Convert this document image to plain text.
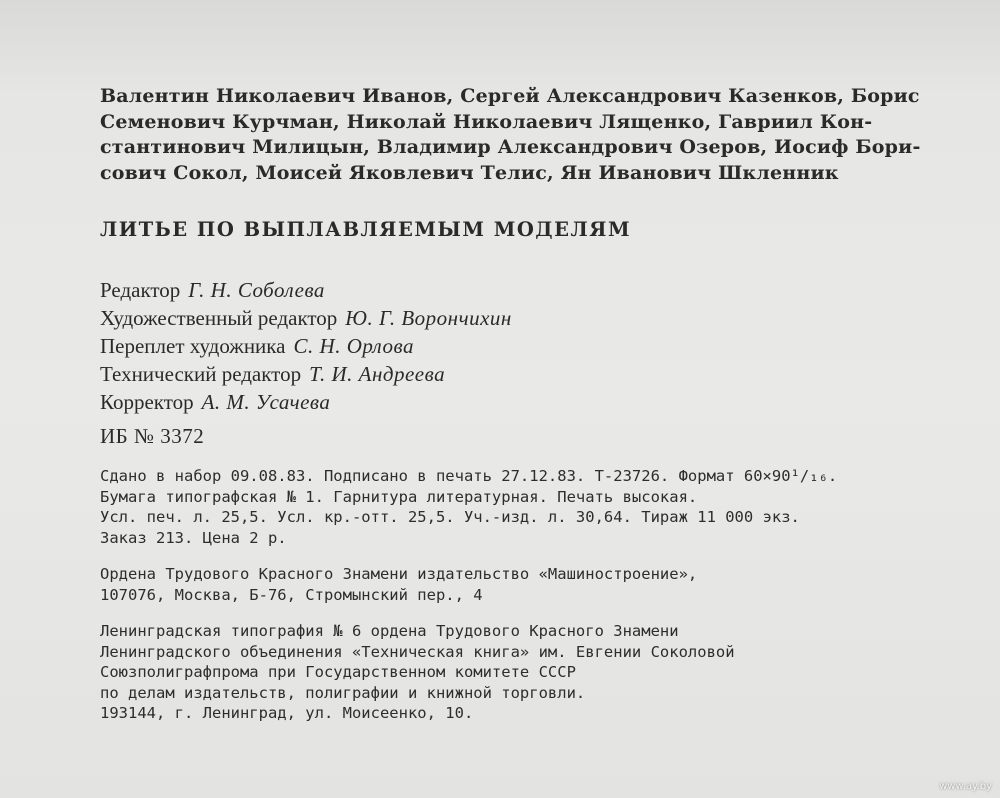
Валентин Николаевич Иванов, Сергей Александрович Казенков, Борис
Семенович Курчман, Николай Николаевич Лященко, Гавриил Кон-
стантинович Милицын, Владимир Александрович Озеров, Иосиф Бори-
сович Сокол, Моисей Яковлевич Телис, Ян Иванович Шкленник

ЛИТЬЕ ПО ВЫПЛАВЛЯЕМЫМ МОДЕЛЯМ
Редактор Г. Н. Соболева
Художественный редактор Ю. Г. Ворончихин
Переплет художника С. Н. Орлова
Технический редактор Т. И. Андреева
Корректор А. М. Усачева
ИБ № 3372
Сдано в набор 09.08.83. Подписано в печать 27.12.83. Т-23726. Формат 60×90¹/₁₆.
Бумага типографская № 1. Гарнитура литературная. Печать высокая.
Усл. печ. л. 25,5. Усл. кр.-отт. 25,5. Уч.-изд. л. 30,64. Тираж 11 000 экз.
Заказ 213. Цена 2 р.
Ордена Трудового Красного Знамени издательство «Машиностроение»,
107076, Москва, Б-76, Стромынский пер., 4
Ленинградская типография № 6 ордена Трудового Красного Знамени
Ленинградского объединения «Техническая книга» им. Евгении Соколовой
Союзполиграфпрома при Государственном комитете СССР
по делам издательств, полиграфии и книжной торговли.
193144, г. Ленинград, ул. Моисеенко, 10.
www.ay.by
